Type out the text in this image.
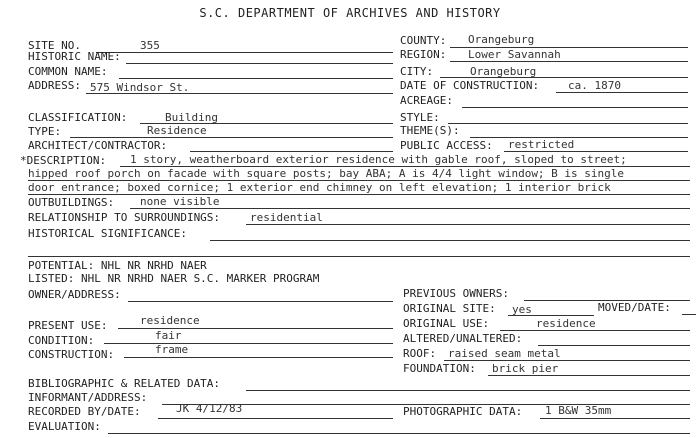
S.C. DEPARTMENT OF ARCHIVES AND HISTORY
SITE NO.	355
HISTORIC NAME:
COMMON NAME:
ADDRESS: 575 Windsor St.
COUNTY: Orangeburg
REGION: Lower Savannah
CITY:	Orangeburg
DATE OF CONSTRUCTION:	ca. 1870
ACREAGE:
CLASSIFICATION:	Building
TYPE:	Residence
ARCHITECT/CONTRACTOR:
STYLE:
THEME(S):
PUBLIC ACCESS: restricted
*DESCRIPTION: 1 story, weatherboard exterior residence with gable roof, sloped to street;
hipped roof porch on facade with square posts; bay ABA; A is 4/4 light window; B is single
door entrance; boxed cornice; 1 exterior end chimney on left elevation; 1 interior brick
OUTBUILDINGS: none visible
RELATIONSHIP TO SURROUNDINGS:	residential
HISTORICAL SIGNIFICANCE:
POTENTIAL: NHL NR NRHD NAER
LISTED: NHL NR NRHD NAER S.C. MARKER PROGRAM
OWNER/ADDRESS:	PREVIOUS OWNERS:
ORIGINAL SITE: yes	MOVED/DATE:
PRESENT USE:	residence	ORIGINAL USE:	residence
CONDITION:	fair	ALTERED/UNALTERED:
CONSTRUCTION:	frame	ROOF: raised seam metal
FOUNDATION: brick pier
BIBLIOGRAPHIC & RELATED DATA:
INFORMANT/ADDRESS:
RECORDED BY/DATE:	JK 4/12/83	PHOTOGRAPHIC DATA: 1 B&W 35mm
EVALUATION:
